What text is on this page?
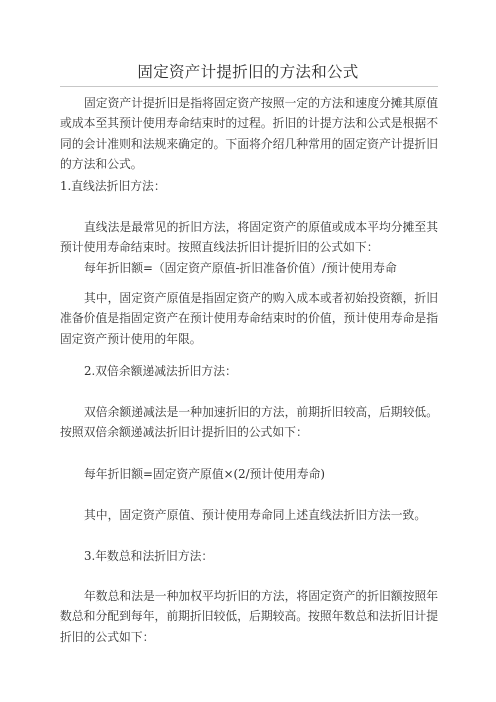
固定资产计提折旧的方法和公式

固定资产计提折旧是指将固定资产按照一定的方法和速度分摊其原值或成本至其预计使用寿命结束时的过程。折旧的计提方法和公式是根据不同的会计准则和法规来确定的。下面将介绍几种常用的固定资产计提折旧的方法和公式。

1.直线法折旧方法：

直线法是最常见的折旧方法，将固定资产的原值或成本平均分摊至其预计使用寿命结束时。按照直线法折旧计提折旧的公式如下：

每年折旧额=（固定资产原值-折旧准备价值）/预计使用寿命

其中，固定资产原值是指固定资产的购入成本或者初始投资额，折旧准备价值是指固定资产在预计使用寿命结束时的价值，预计使用寿命是指固定资产预计使用的年限。

2.双倍余额递减法折旧方法：

双倍余额递减法是一种加速折旧的方法，前期折旧较高，后期较低。按照双倍余额递减法折旧计提折旧的公式如下：

每年折旧额=固定资产原值×(2/预计使用寿命)

其中，固定资产原值、预计使用寿命同上述直线法折旧方法一致。

3.年数总和法折旧方法：

年数总和法是一种加权平均折旧的方法，将固定资产的折旧额按照年数总和分配到每年，前期折旧较低，后期较高。按照年数总和法折旧计提折旧的公式如下：
